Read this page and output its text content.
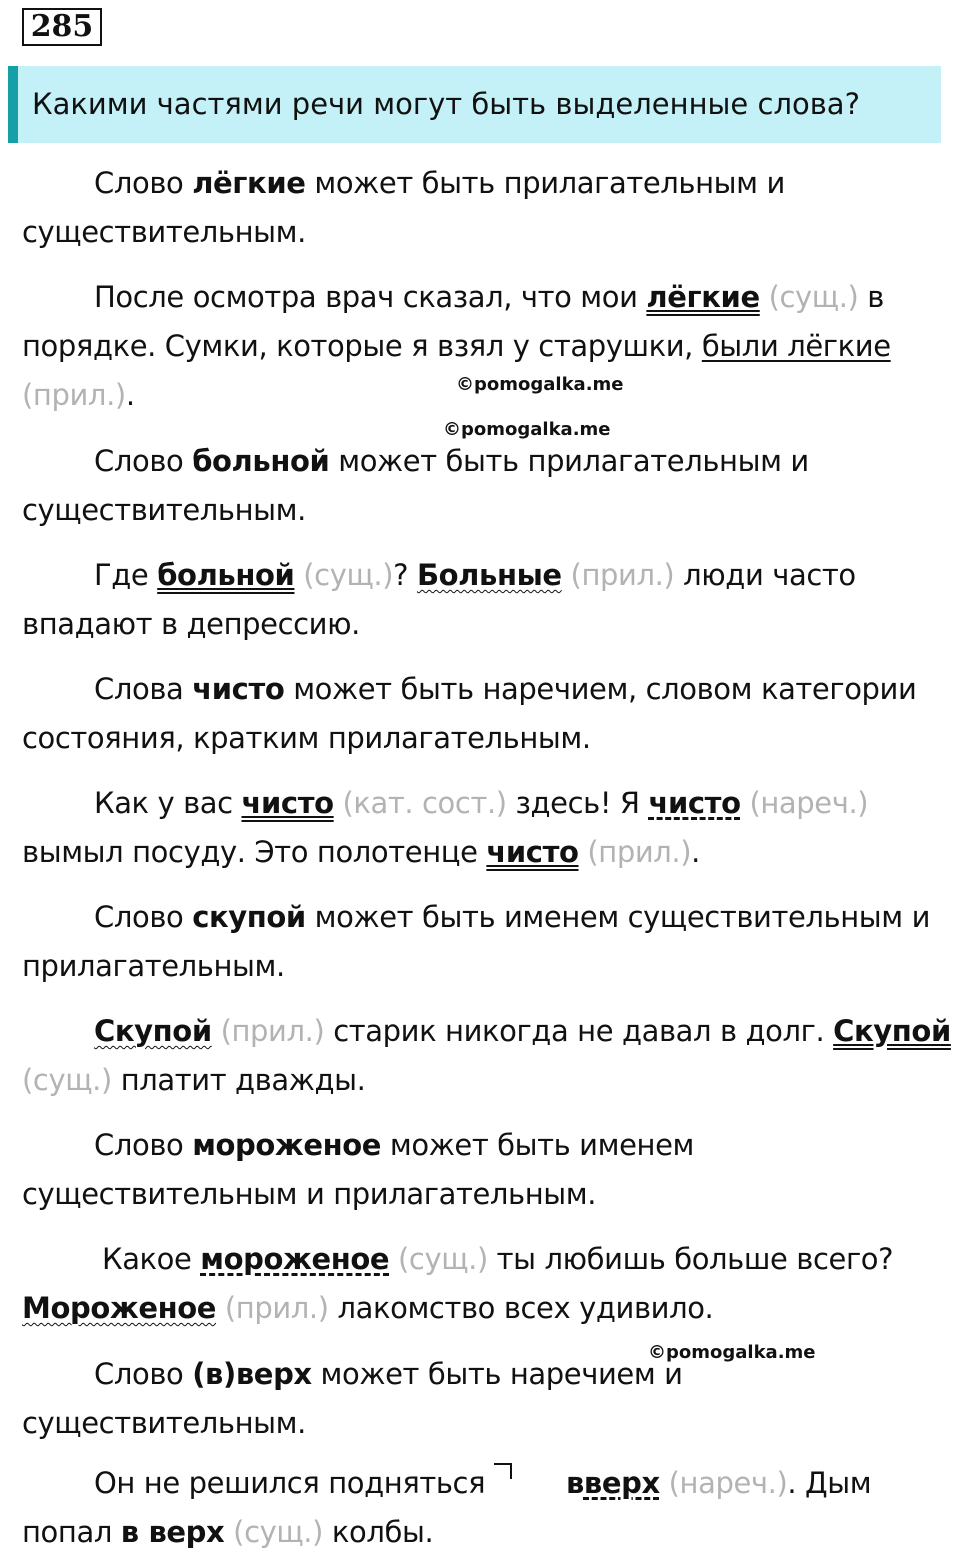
285
Какими частями речи могут быть выделенные слова?
Слово лёгкие может быть прилагательным и существительным.
После осмотра врач сказал, что мои лёгкие (сущ.) в порядке. Сумки, которые я взял у старушки, были лёгкие (прил.).	©pomogalka.me
©pomogalka.me
Слово больной может быть прилагательным и существительным.
Где больной (сущ.)? Больные (прил.) люди часто впадают в депрессию.
Слова чисто может быть наречием, словом категории состояния, кратким прилагательным.
Как у вас чисто (кат. сост.) здесь! Я чисто (нареч.) вымыл посуду. Это полотенце чисто (прил.).
Слово скупой может быть именем существительным и прилагательным.
Скупой (прил.) старик никогда не давал в долг. Скупой (сущ.) платит дважды.
Слово мороженое может быть именем существительным и прилагательным.
Какое мороженое (сущ.) ты любишь больше всего? Мороженое (прил.) лакомство всех удивило.
©pomogalka.me
Слово (в)верх может быть наречием и существительным.
Он не решился подняться вверх (нареч.). Дым попал в верх (сущ.) колбы.
